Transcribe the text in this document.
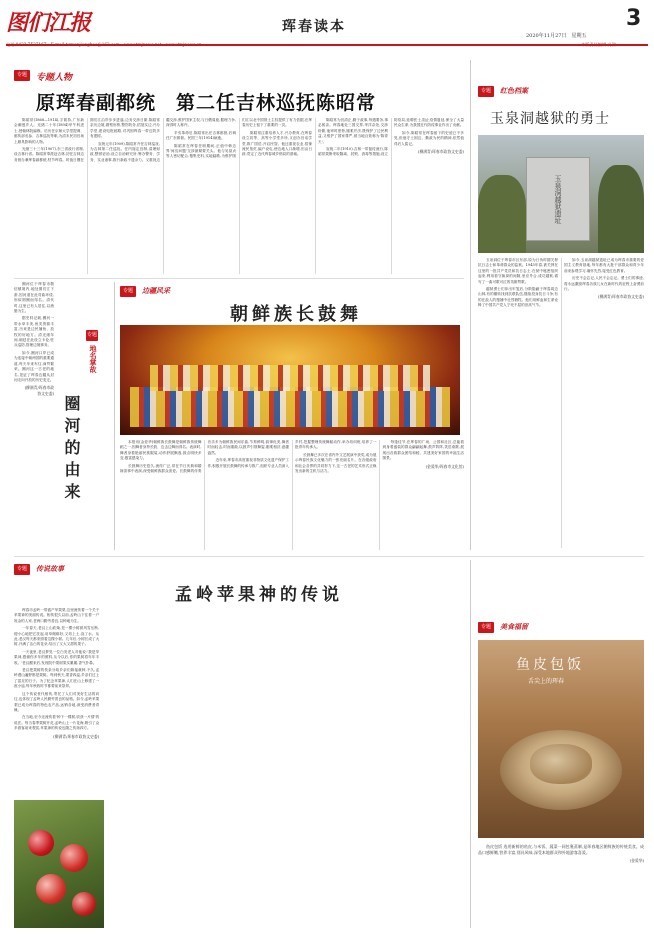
图们江报	珲春读本	3
2020年11月27日　星期五
专题 专题人物
原珲春副都统　第二任吉林巡抚陈昭常

陈昭常(1868—1914),字简持,广东新会潮莲乡人。光绪二十年(1894)甲午科进士,授翰林院编修。后历任京师大学堂提调、邮传部丞参、吉林巡抚等职,为清末民初官场上颇具影响的人物。

光绪三十三年(1907),东三省改行省制,设吉林行省。陈昭常奉派赴吉林,初任吉林边务督办兼珲春副都统,驻节珲春。时值日俄在图们江沿岸步步进逼,边务交涉日繁,陈昭常亲历边境,勘察形势,整饬防务,招垦实边,兴办学堂,建设电报邮路,对巩固珲春一带边防多有建树。

宣统元年(1909),陈昭常升任吉林巡抚,为吉林第二任巡抚。任内厘定官制,清理财政,整顿吏治,设立自治研究所,筹办警务、学务、实业诸事,推行新政不遗余力。又重视边疆交涉,维护国家主权,与日俄周旋,据理力争,深得时人称许。

辛亥革命后,陈昭常出任吉林都督,后调任广东都督。民国三年(1914)病逝。

陈昭常在珲春任职期间,正值中韩边界'间岛问题'交涉最紧要关头。他与吴禄贞等人密切配合,搜集史料,实地踏勘,为维护图们江以北中国领土主权提供了有力依据,在珲春历史上留下了重要的一页。

陈昭常注重培养人才,兴办教育,在珲春设立初等、高等小学堂多所,又创办官话学堂,推广国语,开启民智。他还重视农业,招徕流民垦荒,编户设屯,使边地人口渐增,田亩日辟,奠定了近代珲春城乡格局的基础。

陈昭常为官清正,勤于政事,每遇要务,事必躬亲。珲春地处三国交界,华洋杂处,交涉纷繁,他审时度势,刚柔并济,既保护了边民利益,又维护了国家尊严,被当地百姓称为'陈青天'。

宣统二年(1910),吉林一带鼠疫流行,陈昭常果断采取隔离、封锁、消毒等措施,设立防疫局,延聘医士,阻止疫情蔓延,保全了大量民众生命,为我国近代防疫事业作出了贡献。

如今,陈昭常在珲春留下的史迹已不多见,但他守土固边、勤政为民的精神,依然值得后人铭记。

(柳满青/珲春市政协文史委)

专题	红色档案
玉泉洞越狱的勇士
玉泉洞越狱遗址

玉泉洞位于珲春市区东部,原为日伪时期关押抗日志士和革命群众的监狱。1945年春,被关押在这里的一批共产党员和抗日志士,在狱中秘密组织起来,利用看守换岗的间隙,里应外合,成功越狱,谱写了一曲可歌可泣的英雄赞歌。

越狱勇士们冲出牢笼后,分散隐蔽于珲春周边山林,有的辗转找到抗联队伍,继续投身抗日斗争;有的在敌人的搜捕中壮烈牺牲。他们用鲜血和生命诠释了中国共产党人宁死不屈的崇高气节。

如今,玉泉洞越狱遗址已成为珲春市重要的爱国主义教育基地,每年都有大批干部群众和青少年前来参观学习,缅怀先烈,接受红色教育。

历史不会忘记,人民不会忘记。勇士们的事迹,将永远激励珲春各族儿女在新时代的征程上奋勇前行。

(柳满青/珲春市政协文史委)

专题	边疆风采
朝鲜族长鼓舞

本报讯(金爱华)朝鲜族长鼓舞是朝鲜族传统舞蹈之一,因舞者身挎长鼓、边击边舞而得名。表演时,舞者身着艳丽民族服装,动作舒展飘逸,鼓点明快多变,极富感染力。

长鼓舞历史悠久,流传广泛,常在节日庆典和婚嫁喜事中表演,深受朝鲜族群众喜爱。长鼓舞的伴奏音乐多为朝鲜族民间乐曲,节奏鲜明,韵律优美,舞者时而轻击,时而重敲,以鼓声引领舞姿,刚柔相济,意趣盎然。

近年来,珲春市高度重视非物质文化遗产保护工作,积极开展长鼓舞的传承与推广,组织专业人员深入乡村,挖掘整理传统舞蹈动作,举办培训班,培养了一批青年传承人。

长鼓舞已多次在省内外文艺展演中获奖,成为展示珲春民族文化魅力的一张亮丽名片。在各级政府和社会各界的共同努力下,这一古老的艺术形式正焕发出新的生机与活力。

每逢佳节,在珲春的广场、公园和社区,总能看到身着盛装的群众翩翩起舞,鼓声阵阵,笑语欢歌,展现出各族群众团结和睦、共建美好家园的幸福生活图景。

(金爱华/珲春市文化馆)

圈河位于珲春市敬信镇境内,地处图们江下游,因河道在此弯曲环绕,形似圆圈而得名。清代时,这里已有人居住,以渔猎为生。

据史料记载,圈河一带水草丰美,鱼类资源丰富,历来是边民捕鱼、放牧的好地方。清光绪年间,朝廷在此设立卡伦,驻兵巡防,管理边境事务。

如今,圈河口岸已成为连接中朝两国的重要通道,每天车来车往,商贸繁荣。圈河这一古老的地名,见证了珲春边疆从封闭走向开放的历史变迁。

(柳满青/珲春市政协文史委)

专题
地名掌故
圈河的由来
专题	传说故事
孟岭苹果神的传说

珲春市孟岭一带盛产苹果梨,这里流传着一个关于苹果神的美丽传说。相传很久以前,孟岭山下住着一户姓金的人家,老两口勤劳善良,以种地为生。

一年春天,老汉上山砍柴,见一棵小树被风雪压断,便小心地把它扶起,用草绳绑好,又培上土,浇了水。从此,老汉每天都来照看这棵小树。几年后,小树长成了大树,开满了洁白的花朵,结出了又大又甜的果子。

一天夜里,老汉梦见一位白发老人对他说:'我是苹果神,感谢你多年的照料,从今以后,你的果树将年年丰收。'老汉醒来后,发现院中果树果实累累,香气扑鼻。

老汉把果树的枝条分给乡亲们嫁接栽种,不久,孟岭漫山遍野都是果树。每到秋天,果香四溢,乡亲们过上了富足的日子。为了纪念苹果神,人们在山上修建了一座小庙,每年秋收时节都要前来祭拜。

这个传说世代相传,寄托了人们对美好生活的向往,也体现了孟岭人民勤劳善良的品格。如今,孟岭苹果梨已成为珲春的特色农产品,远销各地,深受消费者青睐。

在当地,至今还流传着'种下一棵树,收获一片情'的说法。每当春季果树开花,孟岭山上一片花海,吸引了众多游客前来观赏,苹果神的传说也随之传扬四方。

(柳满青/珲春市政协文史委)

专题	美食福留
鱼皮包饭
舌尖上的珲春

鱼皮包饭 选用新鲜的鱼皮,与米饭、蔬菜一同包裹蒸制,是珲春地区朝鲜族的传统美食。成品口感鲜嫩,营养丰富,别具风味,深受本地群众和外地游客喜爱。

(金爱华)
